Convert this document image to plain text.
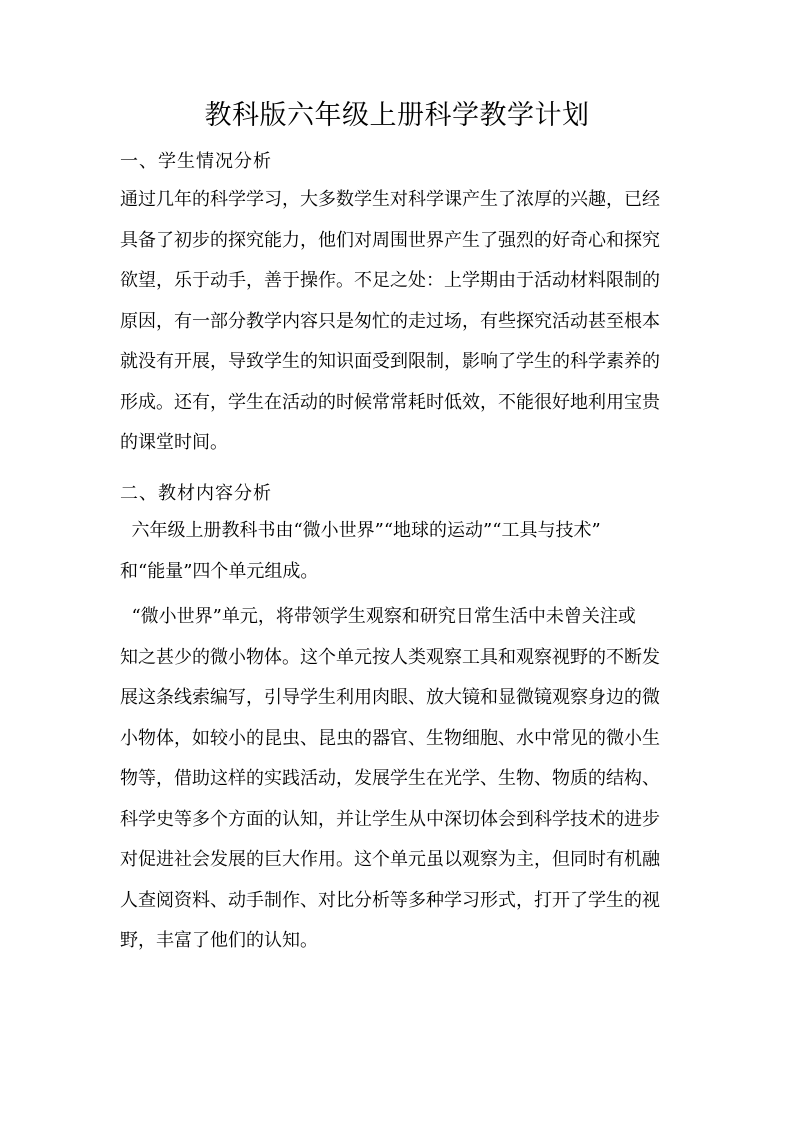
教科版六年级上册科学教学计划
一、学生情况分析

通过几年的科学学习，大多数学生对科学课产生了浓厚的兴趣，已经
具备了初步的探究能力，他们对周围世界产生了强烈的好奇心和探究
欲望，乐于动手，善于操作。不足之处：上学期由于活动材料限制的
原因，有一部分教学内容只是匆忙的走过场，有些探究活动甚至根本
就没有开展，导致学生的知识面受到限制，影响了学生的科学素养的
形成。还有，学生在活动的时候常常耗时低效，不能很好地利用宝贵
的课堂时间。

二、教材内容分析

六年级上册教科书由“微小世界”“地球的运动”“工具与技术”
和“能量”四个单元组成。

“微小世界”单元，将带领学生观察和研究日常生活中未曾关注或
知之甚少的微小物体。这个单元按人类观察工具和观察视野的不断发
展这条线索编写，引导学生利用肉眼、放大镜和显微镜观察身边的微
小物体，如较小的昆虫、昆虫的器官、生物细胞、水中常见的微小生
物等，借助这样的实践活动，发展学生在光学、生物、物质的结构、
科学史等多个方面的认知，并让学生从中深切体会到科学技术的进步
对促进社会发展的巨大作用。这个单元虽以观察为主，但同时有机融
人查阅资料、动手制作、对比分析等多种学习形式，打开了学生的视
野，丰富了他们的认知。
